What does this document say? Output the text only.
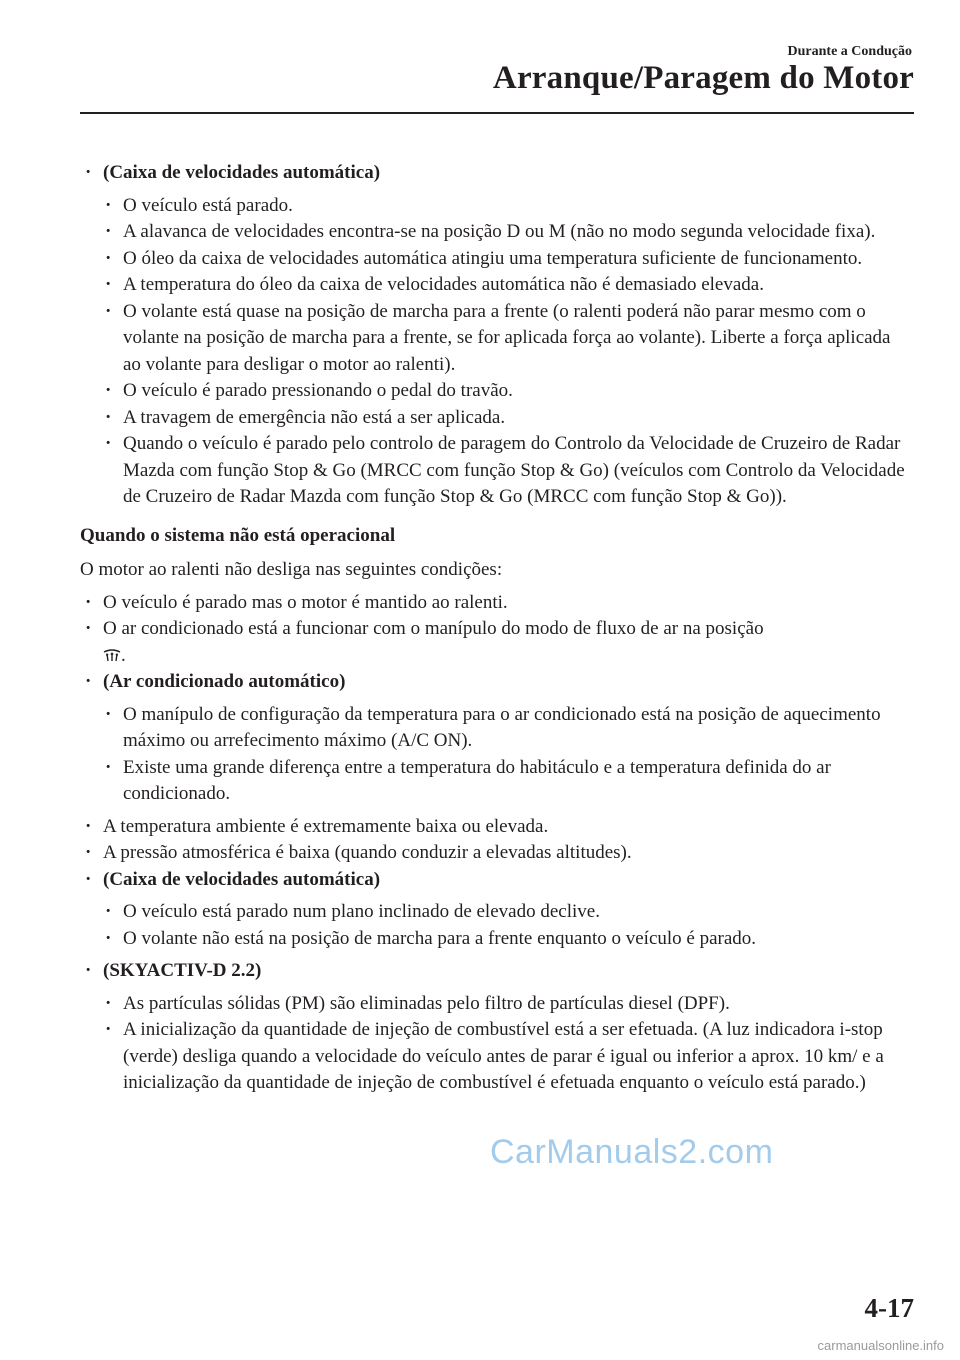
Durante a Condução
Arranque/Paragem do Motor
· (Caixa de velocidades automática)
· O veículo está parado.
· A alavanca de velocidades encontra-se na posição D ou M (não no modo segunda velocidade fixa).
· O óleo da caixa de velocidades automática atingiu uma temperatura suficiente de funcionamento.
· A temperatura do óleo da caixa de velocidades automática não é demasiado elevada.
· O volante está quase na posição de marcha para a frente (o ralenti poderá não parar mesmo com o volante na posição de marcha para a frente, se for aplicada força ao volante). Liberte a força aplicada ao volante para desligar o motor ao ralenti).
· O veículo é parado pressionando o pedal do travão.
· A travagem de emergência não está a ser aplicada.
· Quando o veículo é parado pelo controlo de paragem do Controlo da Velocidade de Cruzeiro de Radar Mazda com função Stop & Go (MRCC com função Stop & Go) (veículos com Controlo da Velocidade de Cruzeiro de Radar Mazda com função Stop & Go (MRCC com função Stop & Go)).
Quando o sistema não está operacional
O motor ao ralenti não desliga nas seguintes condições:
· O veículo é parado mas o motor é mantido ao ralenti.
· O ar condicionado está a funcionar com o manípulo do modo de fluxo de ar na posição
.
· (Ar condicionado automático)
· O manípulo de configuração da temperatura para o ar condicionado está na posição de aquecimento máximo ou arrefecimento máximo (A/C ON).
· Existe uma grande diferença entre a temperatura do habitáculo e a temperatura definida do ar condicionado.
· A temperatura ambiente é extremamente baixa ou elevada.
· A pressão atmosférica é baixa (quando conduzir a elevadas altitudes).
· (Caixa de velocidades automática)
· O veículo está parado num plano inclinado de elevado declive.
· O volante não está na posição de marcha para a frente enquanto o veículo é parado.
· (SKYACTIV-D 2.2)
· As partículas sólidas (PM) são eliminadas pelo filtro de partículas diesel (DPF).
· A inicialização da quantidade de injeção de combustível está a ser efetuada. (A luz indicadora i-stop (verde) desliga quando a velocidade do veículo antes de parar é igual ou inferior a aprox. 10 km/ e a inicialização da quantidade de injeção de combustível é efetuada enquanto o veículo está parado.)
CarManuals2.com
4-17
carmanualsonline.info
